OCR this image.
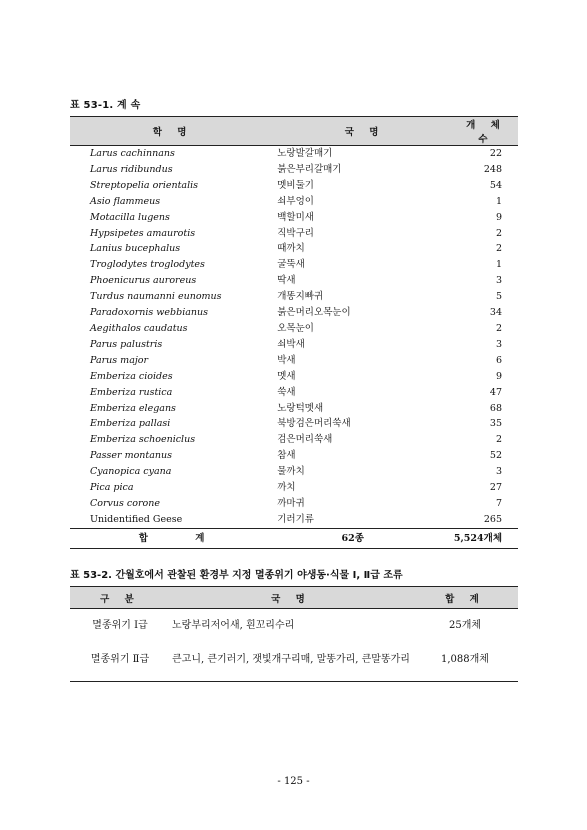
표 53-1. 계 속
학 명	국 명	개 체 수
Larus cachinnans	노랑발갈매기	22
Larus ridibundus	붉은부리갈매기	248
Streptopelia orientalis	멧비둘기	54
Asio flammeus	쇠부엉이	1
Motacilla lugens	백할미새	9
Hypsipetes amaurotis	직박구리	2
Lanius bucephalus	때까치	2
Troglodytes troglodytes	굴뚝새	1
Phoenicurus auroreus	딱새	3
Turdus naumanni eunomus	개똥지빠귀	5
Paradoxornis webbianus	붉은머리오목눈이	34
Aegithalos caudatus	오목눈이	2
Parus palustris	쇠박새	3
Parus major	박새	6
Emberiza cioides	멧새	9
Emberiza rustica	쑥새	47
Emberiza elegans	노랑턱멧새	68
Emberiza pallasi	북방검은머리쑥새	35
Emberiza schoeniclus	검은머리쑥새	2
Passer montanus	참새	52
Cyanopica cyana	물까치	3
Pica pica	까치	27
Corvus corone	까마귀	7
Unidentified Geese	기러기류	265
합 계	62종	5,524개체
표 53-2. 간월호에서 관찰된 환경부 지정 멸종위기 야생동·식물 Ⅰ, Ⅱ급 조류
구 분	국 명	합 계
멸종위기 Ⅰ급	노랑부리저어새, 흰꼬리수리	25개체
멸종위기 Ⅱ급	큰고니, 큰기러기, 잿빛개구리매, 말똥가리, 큰말똥가리	1,088개체
- 125 -
